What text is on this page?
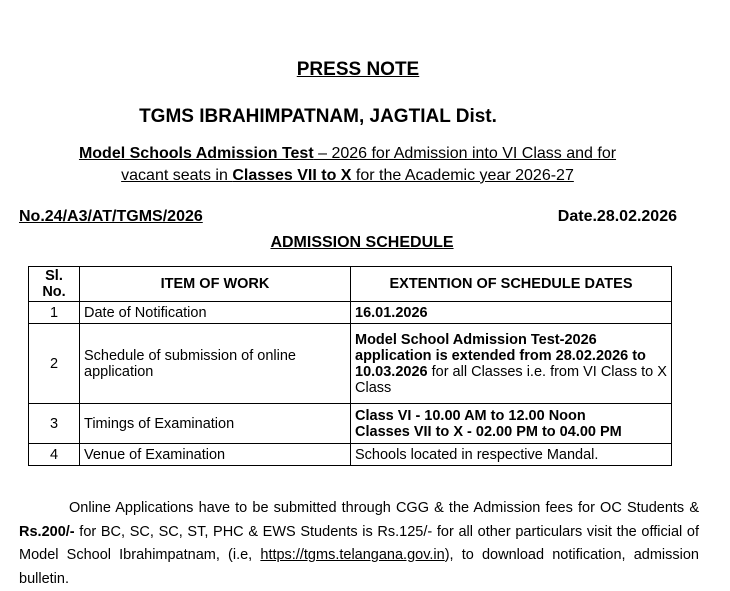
PRESS NOTE
TGMS IBRAHIMPATNAM, JAGTIAL Dist.
Model Schools Admission Test – 2026 for Admission into VI Class and for
vacant seats in Classes VII to X for the Academic year 2026-27
No.24/A3/AT/TGMS/2026	Date.28.02.2026
ADMISSION SCHEDULE
Sl.
No.	ITEM OF WORK	EXTENTION OF SCHEDULE DATES
1	Date of Notification	16.01.2026
2	Schedule of submission of online application	Model School Admission Test-2026 application is extended from 28.02.2026 to 10.03.2026 for all Classes i.e. from VI Class to X Class
3	Timings of Examination	Class VI - 10.00 AM to 12.00 Noon
Classes VII to X - 02.00 PM to 04.00 PM
4	Venue of Examination	Schools located in respective Mandal.
Online Applications have to be submitted through CGG & the Admission fees for OC Students & Rs.200/- for BC, SC, SC, ST, PHC & EWS Students is Rs.125/- for all other particulars visit the official of Model School Ibrahimpatnam, (i.e, https://tgms.telangana.gov.in), to download notification, admission bulletin.
